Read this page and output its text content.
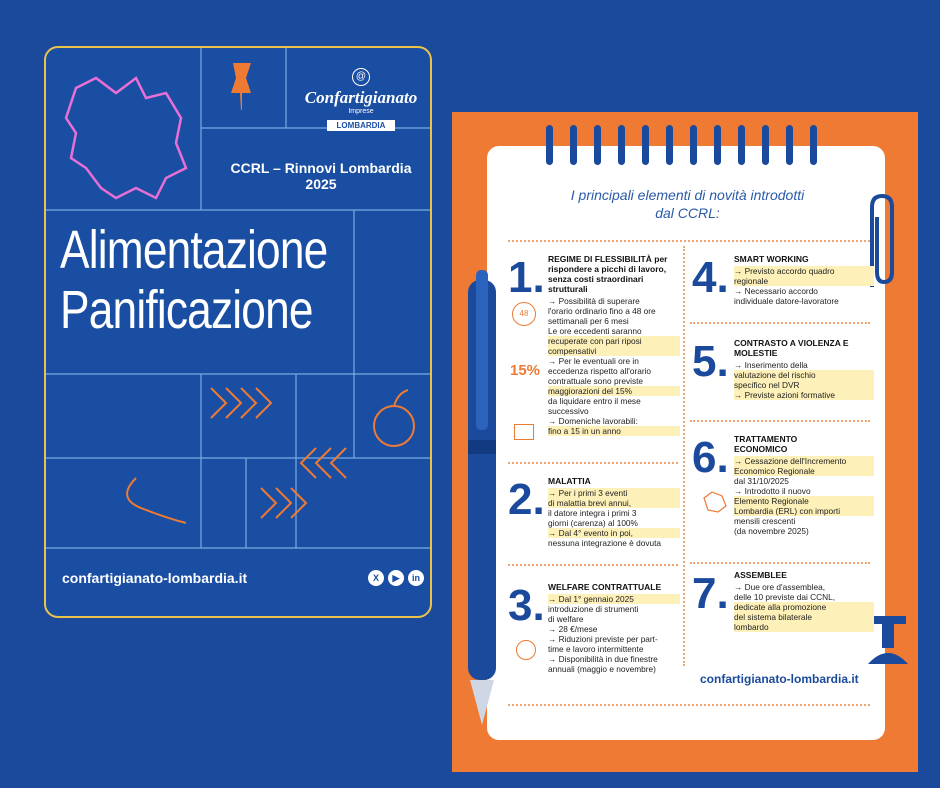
@
Confartigianato
Imprese
LOMBARDIA
CCRL – Rinnovi Lombardia 2025
Alimentazione
Panificazione
confartigianato-lombardia.it	X	▶	in
I principali elementi di novità introdotti dal CCRL:
48
15%
1. REGIME DI FLESSIBILITÀ per rispondere a picchi di lavoro, senza costi straordinari strutturali
→ Possibilità di superare
l'orario ordinario fino a 48 ore
settimanali per 6 mesi
Le ore eccedenti saranno
recuperate con pari riposi
compensativi
→ Per le eventuali ore in
eccedenza rispetto all'orario
contrattuale sono previste
maggiorazioni del 15%
da liquidare entro il mese
successivo
→ Domeniche lavorabili:
fino a 15 in un anno
2. MALATTIA
→ Per i primi 3 eventi
di malattia brevi annui,
il datore integra i primi 3
giorni (carenza) al 100%
→ Dal 4° evento in poi,
nessuna integrazione è dovuta
3. WELFARE CONTRATTUALE
→ Dal 1° gennaio 2025
introduzione di strumenti
di welfare
→ 28 €/mese
→ Riduzioni previste per part-
time e lavoro intermittente
→ Disponibilità in due finestre
annuali (maggio e novembre)
4. SMART WORKING
→ Previsto accordo quadro
regionale
→ Necessario accordo
individuale datore-lavoratore
5. CONTRASTO A VIOLENZA E MOLESTIE
→ Inserimento della
valutazione del rischio
specifico nel DVR
→ Previste azioni formative
6. TRATTAMENTO ECONOMICO
→ Cessazione dell'Incremento
Economico Regionale
dal 31/10/2025
→ Introdotto il nuovo
Elemento Regionale
Lombardia (ERL) con importi
mensili crescenti
(da novembre 2025)
7. ASSEMBLEE
→ Due ore d'assemblea,
delle 10 previste dai CCNL,
dedicate alla promozione
del sistema bilaterale
lombardo
confartigianato-lombardia.it
